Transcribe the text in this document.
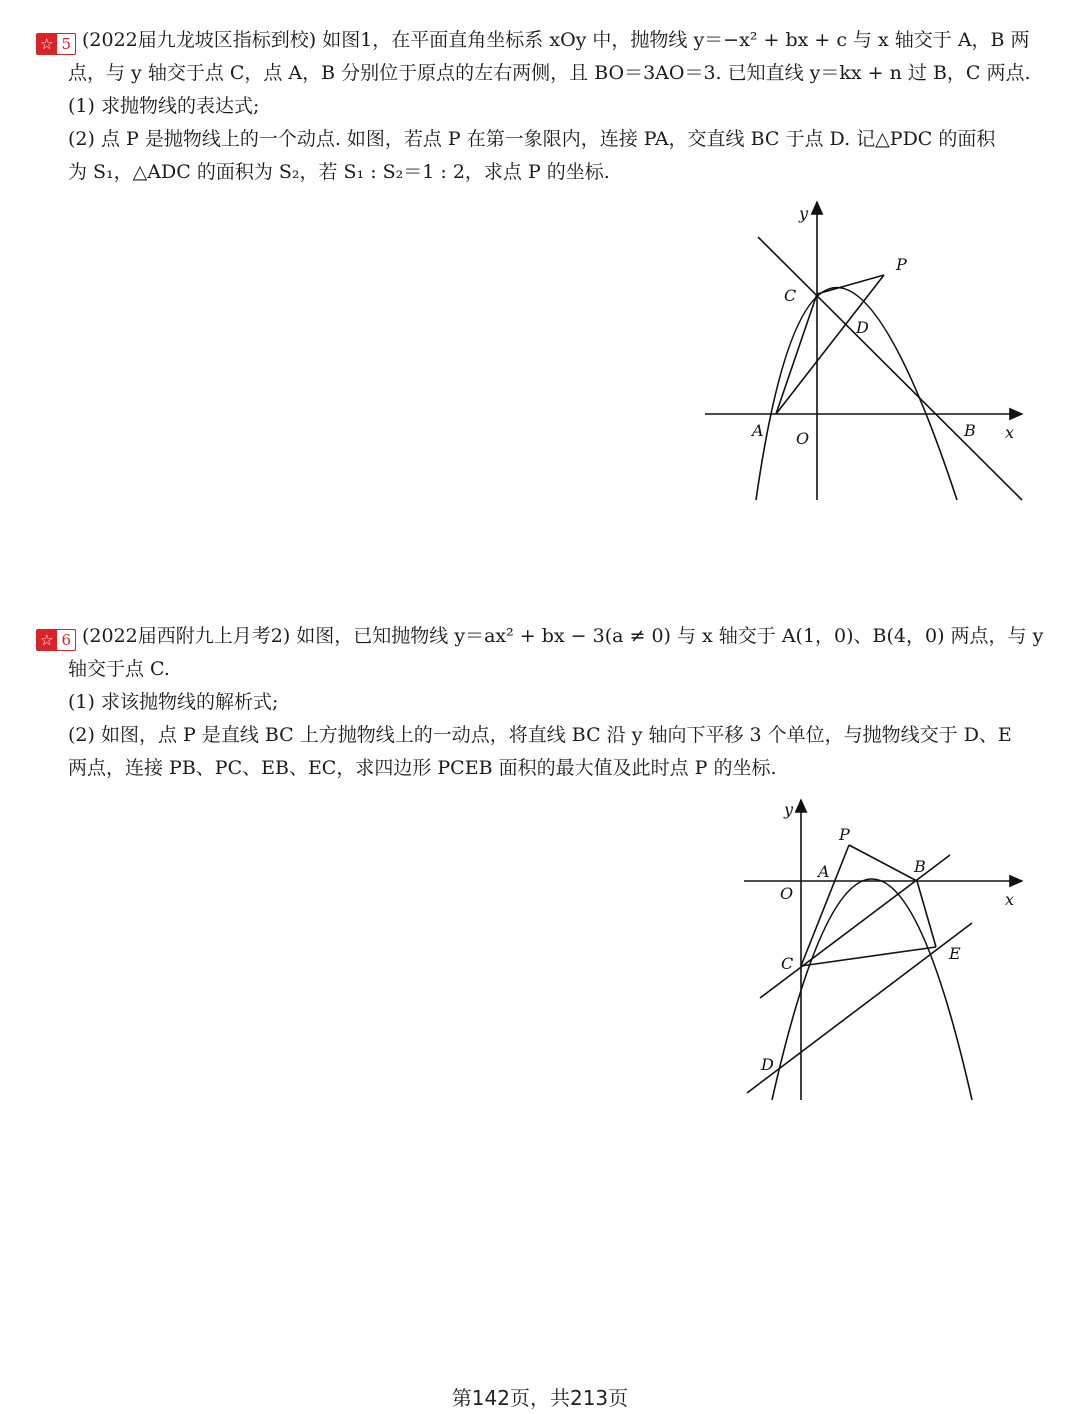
☆ 5 (2022届九龙坡区指标到校) 如图1，在平面直角坐标系 xOy 中，抛物线 y＝−x² + bx + c 与 x 轴交于 A，B 两
点，与 y 轴交于点 C，点 A，B 分别位于原点的左右两侧，且 BO＝3AO＝3. 已知直线 y＝kx + n 过 B，C 两点.
(1) 求抛物线的表达式;
(2) 点 P 是抛物线上的一个动点. 如图，若点 P 在第一象限内，连接 PA，交直线 BC 于点 D. 记△PDC 的面积
为 S₁，△ADC 的面积为 S₂，若 S₁ : S₂＝1 : 2，求点 P 的坐标.
y
x
P
C
D
A O	B
☆ 6 (2022届西附九上月考2) 如图，已知抛物线 y＝ax² + bx − 3(a ≠ 0) 与 x 轴交于 A(1，0)、B(4，0) 两点，与 y
轴交于点 C.
(1) 求该抛物线的解析式;
(2) 如图，点 P 是直线 BC 上方抛物线上的一动点，将直线 BC 沿 y 轴向下平移 3 个单位，与抛物线交于 D、E
两点，连接 PB、PC、EB、EC，求四边形 PCEB 面积的最大值及此时点 P 的坐标.
y
P
A	B
O	x
C
E
D
第142页，共213页
